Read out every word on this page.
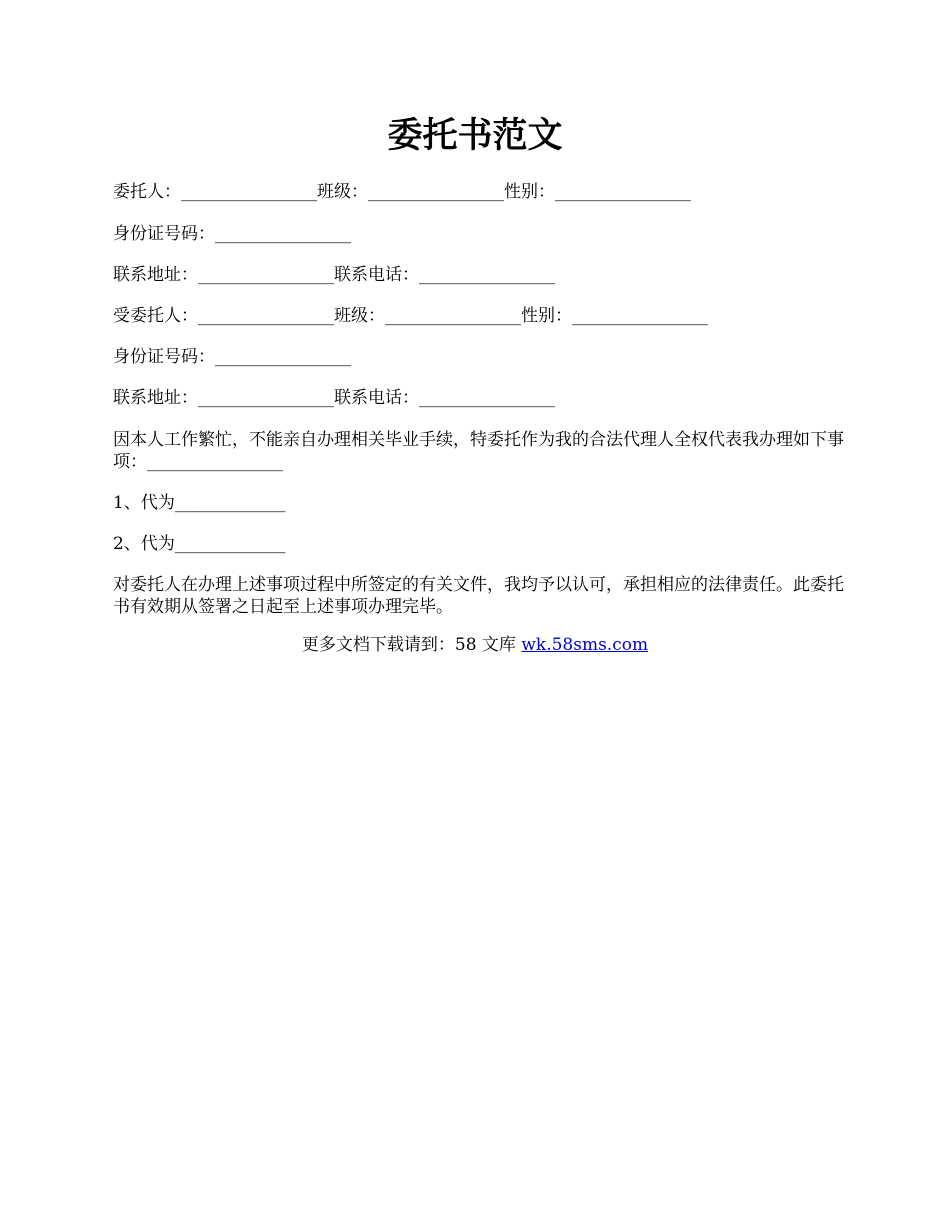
委托书范文
委托人：________________班级：________________性别：________________
身份证号码：________________
联系地址：________________联系电话：________________
受委托人：________________班级：________________性别：________________
身份证号码：________________
联系地址：________________联系电话：________________
因本人工作繁忙，不能亲自办理相关毕业手续，特委托作为我的合法代理人全权代表我办理如下事项：________________
1、代为_____________
2、代为_____________
对委托人在办理上述事项过程中所签定的有关文件，我均予以认可，承担相应的法律责任。此委托书有效期从签署之日起至上述事项办理完毕。
更多文档下载请到：58 文库 wk.58sms.com
